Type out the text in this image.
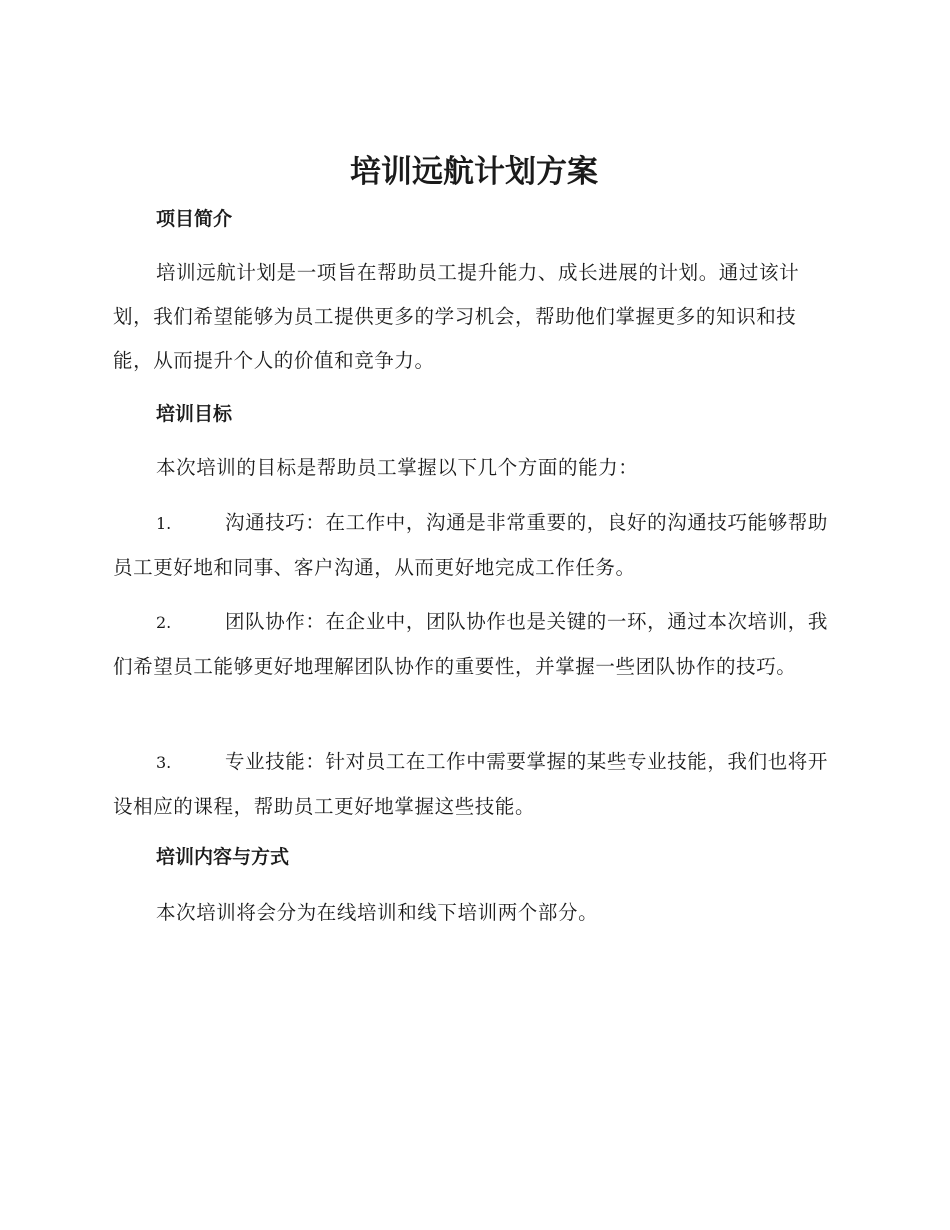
培训远航计划方案
项目简介

培训远航计划是一项旨在帮助员工提升能力、成长进展的计划。通过该计划，我们希望能够为员工提供更多的学习机会，帮助他们掌握更多的知识和技能，从而提升个人的价值和竞争力。

培训目标

本次培训的目标是帮助员工掌握以下几个方面的能力：

1.	沟通技巧：在工作中，沟通是非常重要的，良好的沟通技巧能够帮助员工更好地和同事、客户沟通，从而更好地完成工作任务。

2.	团队协作：在企业中，团队协作也是关键的一环，通过本次培训，我们希望员工能够更好地理解团队协作的重要性，并掌握一些团队协作的技巧。

3.	专业技能：针对员工在工作中需要掌握的某些专业技能，我们也将开设相应的课程，帮助员工更好地掌握这些技能。

培训内容与方式

本次培训将会分为在线培训和线下培训两个部分。
